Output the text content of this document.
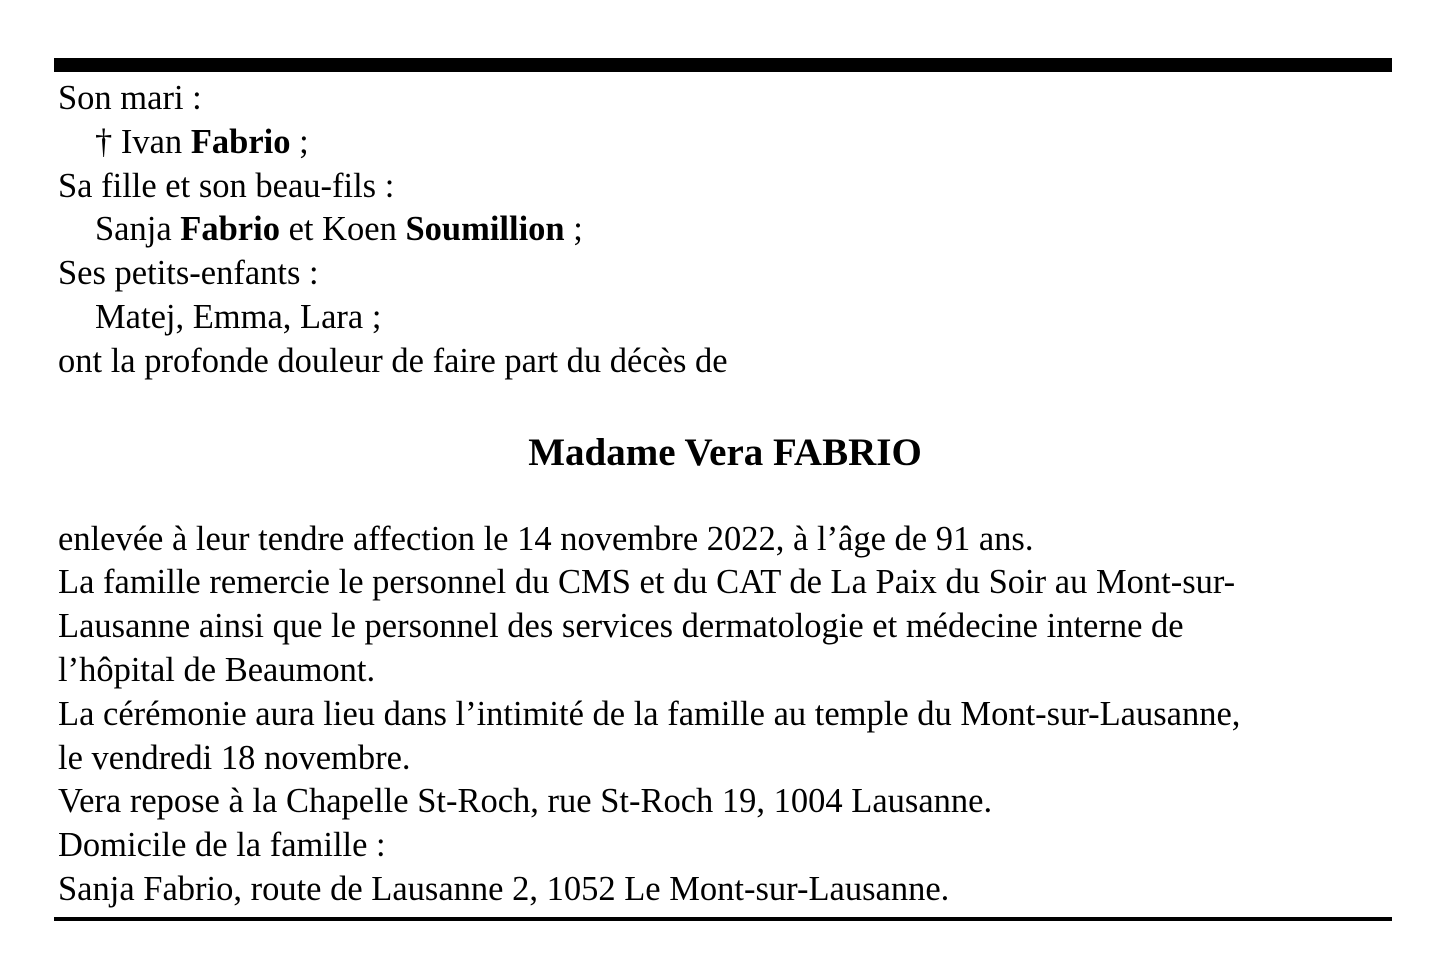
Son mari :
† Ivan Fabrio ;
Sa fille et son beau-fils :
Sanja Fabrio et Koen Soumillion ;
Ses petits-enfants :
Matej, Emma, Lara ;
ont la profonde douleur de faire part du décès de
Madame Vera FABRIO
enlevée à leur tendre affection le 14 novembre 2022, à l’âge de 91 ans.
La famille remercie le personnel du CMS et du CAT de La Paix du Soir au Mont-sur-
Lausanne ainsi que le personnel des services dermatologie et médecine interne de
l’hôpital de Beaumont.
La cérémonie aura lieu dans l’intimité de la famille au temple du Mont-sur-Lausanne,
le vendredi 18 novembre.
Vera repose à la Chapelle St-Roch, rue St-Roch 19, 1004 Lausanne.
Domicile de la famille :
Sanja Fabrio, route de Lausanne 2, 1052 Le Mont-sur-Lausanne.
